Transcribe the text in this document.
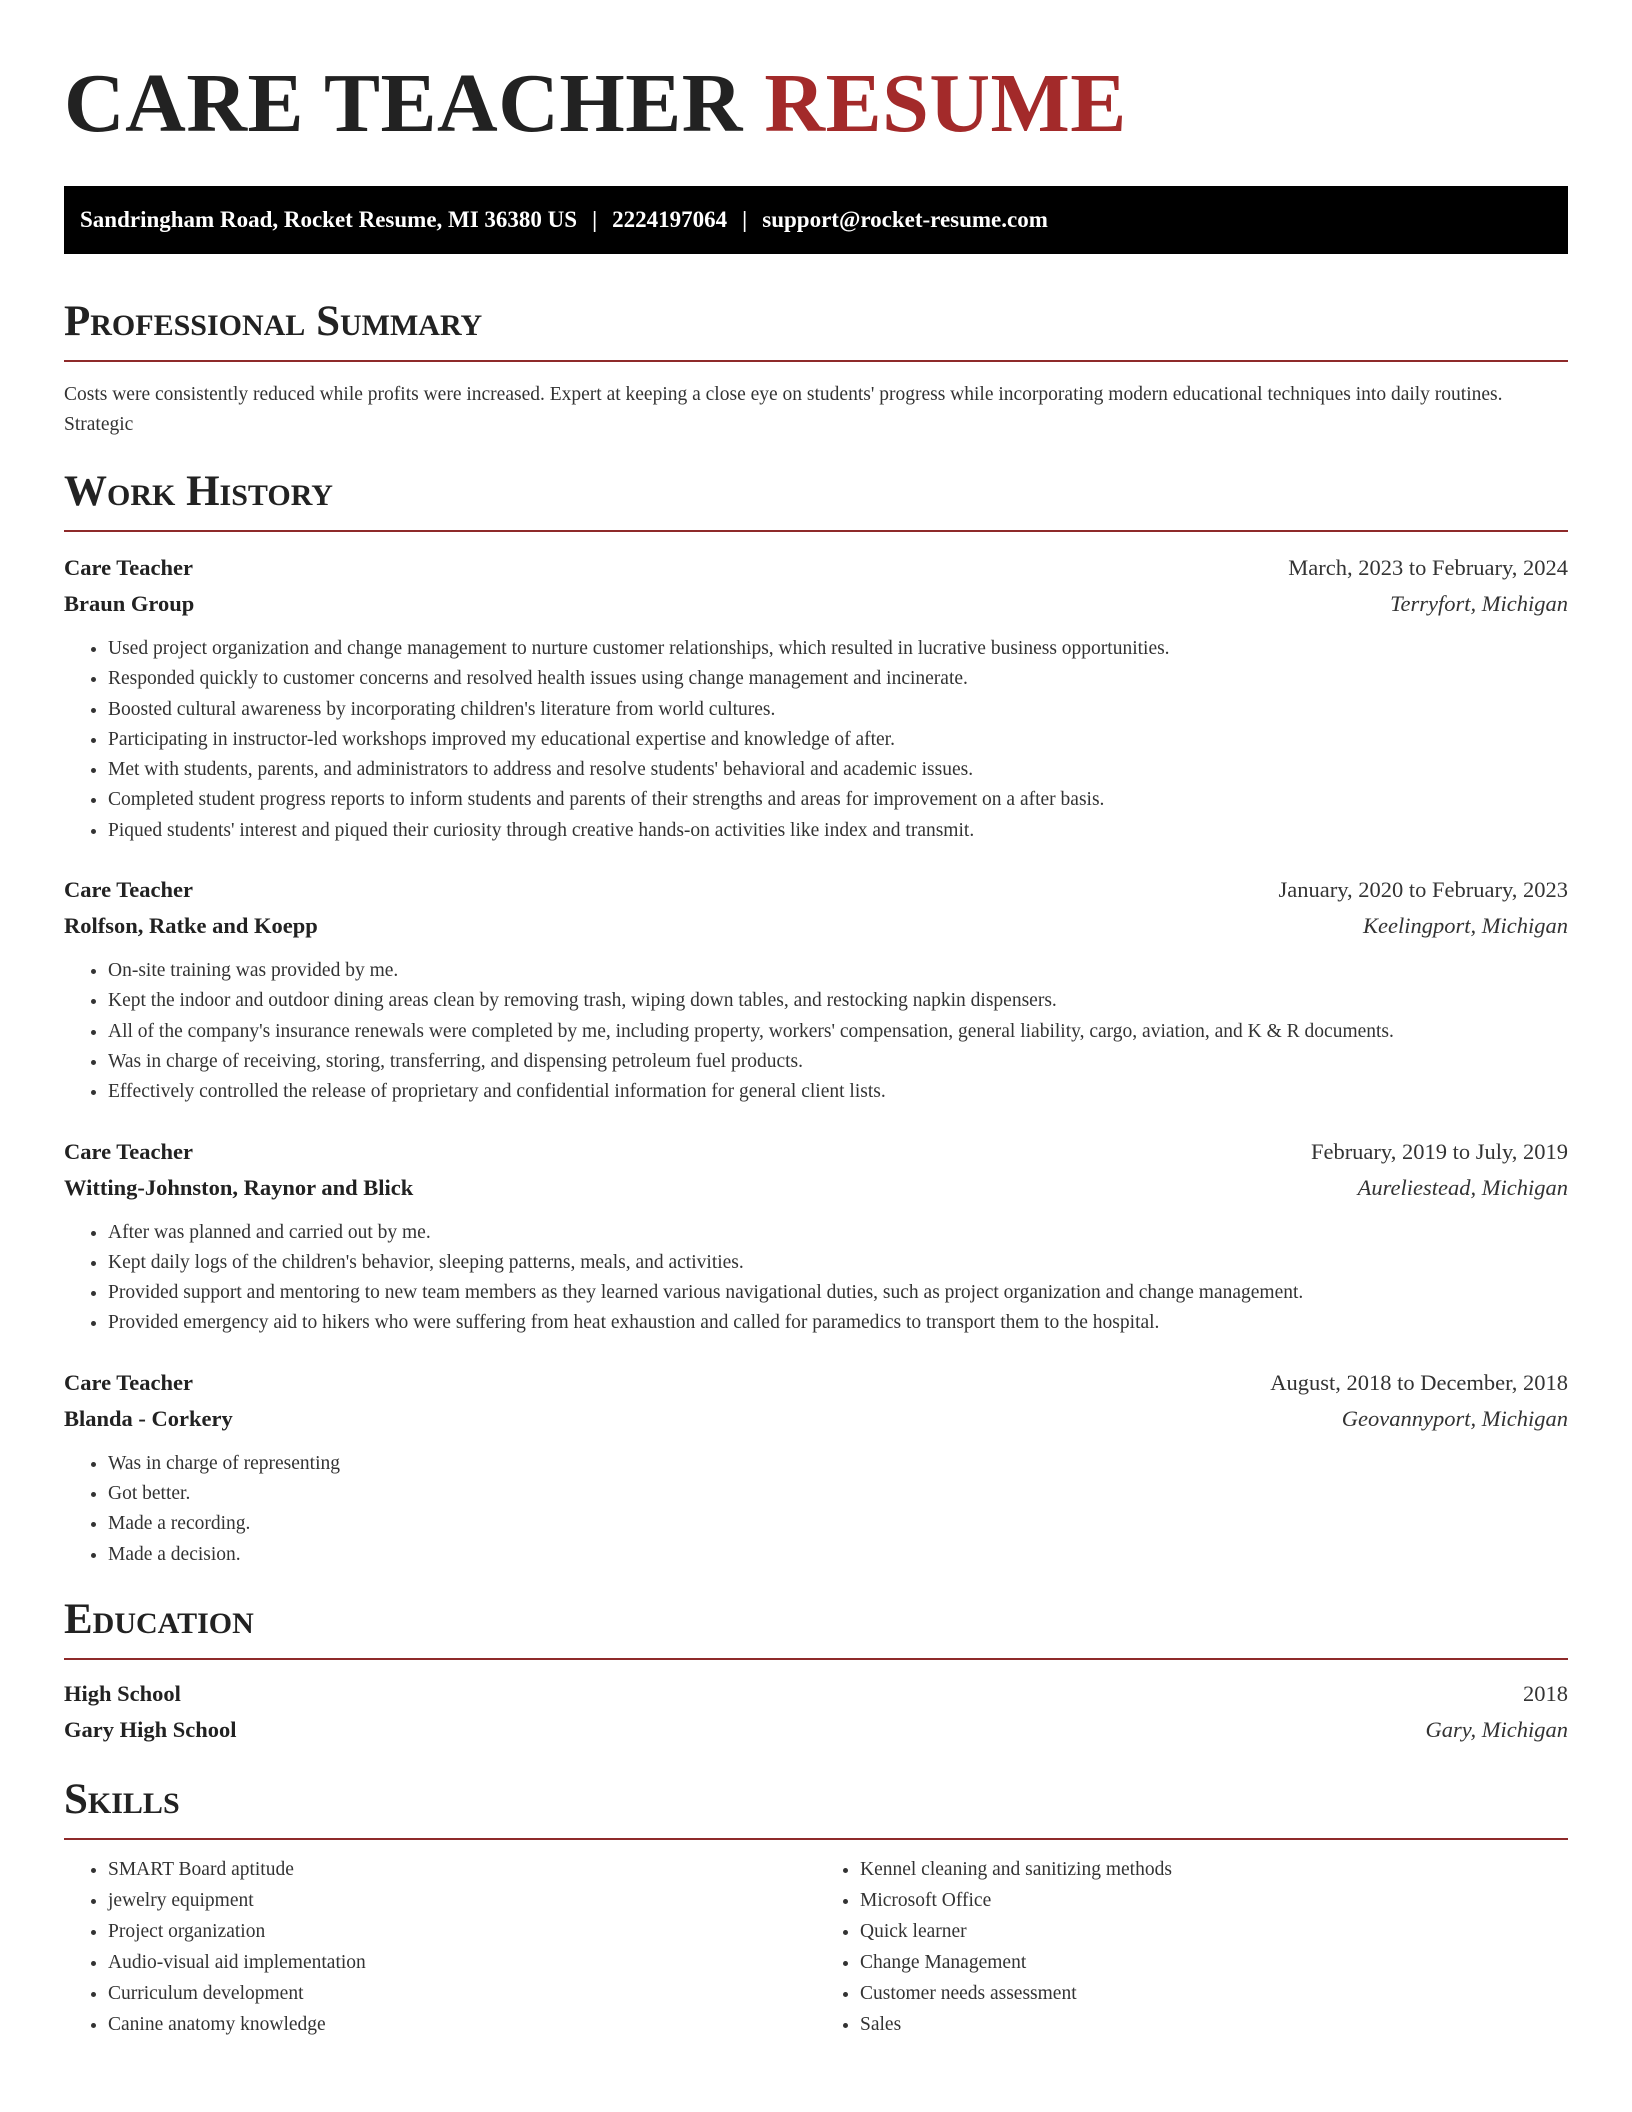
CARE TEACHER RESUME
Sandringham Road, Rocket Resume, MI 36380 US | 2224197064 | support@rocket-resume.com
Professional Summary

Costs were consistently reduced while profits were increased. Expert at keeping a close eye on students' progress while incorporating modern educational techniques into daily routines. Strategic

Work History
Care Teacher	March, 2023 to February, 2024
Braun Group	Terryfort, Michigan
• Used project organization and change management to nurture customer relationships, which resulted in lucrative business opportunities.
• Responded quickly to customer concerns and resolved health issues using change management and incinerate.
• Boosted cultural awareness by incorporating children's literature from world cultures.
• Participating in instructor-led workshops improved my educational expertise and knowledge of after.
• Met with students, parents, and administrators to address and resolve students' behavioral and academic issues.
• Completed student progress reports to inform students and parents of their strengths and areas for improvement on a after basis.
• Piqued students' interest and piqued their curiosity through creative hands-on activities like index and transmit.
Care Teacher	January, 2020 to February, 2023
Rolfson, Ratke and Koepp	Keelingport, Michigan
• On-site training was provided by me.
• Kept the indoor and outdoor dining areas clean by removing trash, wiping down tables, and restocking napkin dispensers.
• All of the company's insurance renewals were completed by me, including property, workers' compensation, general liability, cargo, aviation, and K & R documents.
• Was in charge of receiving, storing, transferring, and dispensing petroleum fuel products.
• Effectively controlled the release of proprietary and confidential information for general client lists.
Care Teacher	February, 2019 to July, 2019
Witting-Johnston, Raynor and Blick	Aureliestead, Michigan
• After was planned and carried out by me.
• Kept daily logs of the children's behavior, sleeping patterns, meals, and activities.
• Provided support and mentoring to new team members as they learned various navigational duties, such as project organization and change management.
• Provided emergency aid to hikers who were suffering from heat exhaustion and called for paramedics to transport them to the hospital.
Care Teacher	August, 2018 to December, 2018
Blanda - Corkery	Geovannyport, Michigan
• Was in charge of representing
• Got better.
• Made a recording.
• Made a decision.
Education
High School	2018
Gary High School	Gary, Michigan
Skills
• SMART Board aptitude
• jewelry equipment
• Project organization
• Audio-visual aid implementation
• Curriculum development
• Canine anatomy knowledge
• Kennel cleaning and sanitizing methods
• Microsoft Office
• Quick learner
• Change Management
• Customer needs assessment
• Sales
